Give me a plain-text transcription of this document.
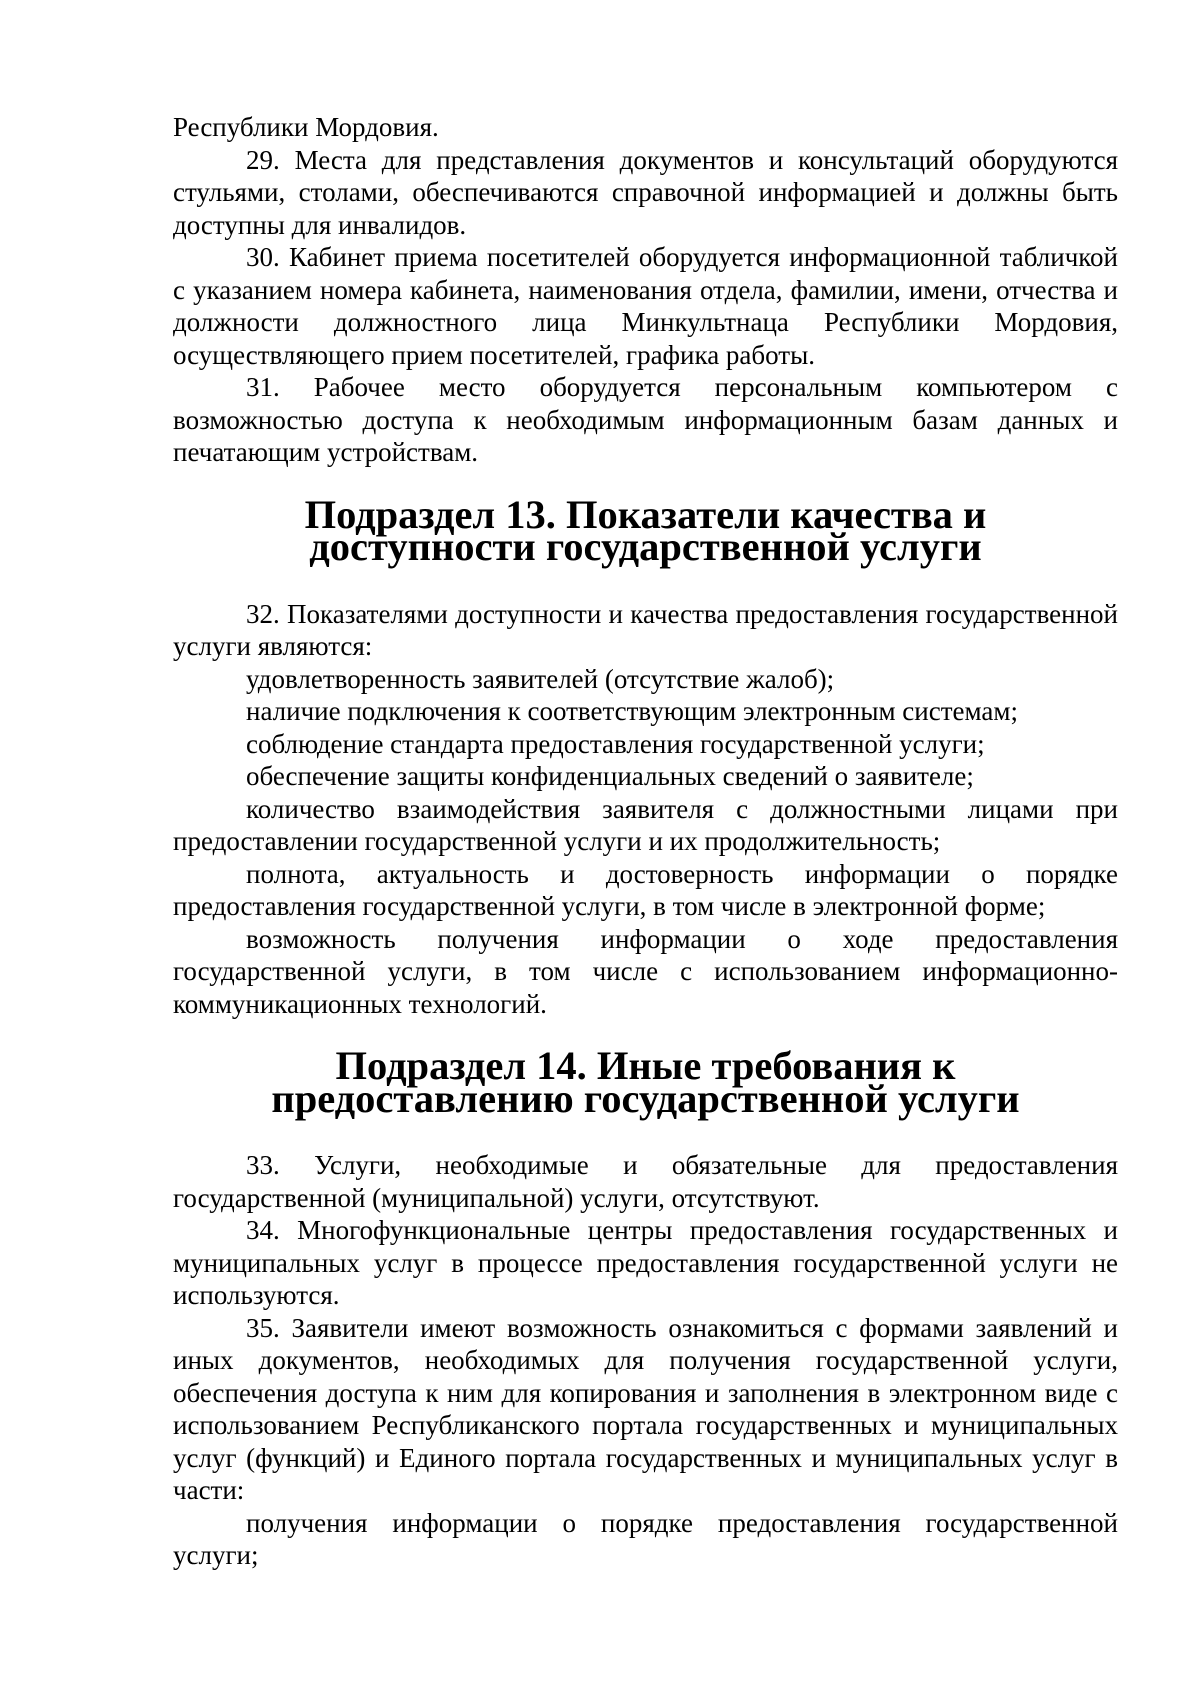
Республики Мордовия.

29. Места для представления документов и консультаций оборудуются стульями, столами, обеспечиваются справочной информацией и должны быть доступны для инвалидов.

30. Кабинет приема посетителей оборудуется информационной табличкой с указанием номера кабинета, наименования отдела, фамилии, имени, отчества и должности должностного лица Минкультнаца Республики Мордовия, осуществляющего прием посетителей, графика работы.

31. Рабочее место оборудуется персональным компьютером с возможностью доступа к необходимым информационным базам данных и печатающим устройствам.

Подраздел 13. Показатели качества и доступности государственной услуги

32. Показателями доступности и качества предоставления государственной услуги являются:

удовлетворенность заявителей (отсутствие жалоб);

наличие подключения к соответствующим электронным системам;

соблюдение стандарта предоставления государственной услуги;

обеспечение защиты конфиденциальных сведений о заявителе;

количество взаимодействия заявителя с должностными лицами при предоставлении государственной услуги и их продолжительность;

полнота, актуальность и достоверность информации о порядке предоставления государственной услуги, в том числе в электронной форме;

возможность получения информации о ходе предоставления государственной услуги, в том числе с использованием информационно-коммуникационных технологий.

Подраздел 14. Иные требования к предоставлению государственной услуги

33. Услуги, необходимые и обязательные для предоставления государственной (муниципальной) услуги, отсутствуют.

34. Многофункциональные центры предоставления государственных и муниципальных услуг в процессе предоставления государственной услуги не используются.

35. Заявители имеют возможность ознакомиться с формами заявлений и иных документов, необходимых для получения государственной услуги, обеспечения доступа к ним для копирования и заполнения в электронном виде с использованием Республиканского портала государственных и муниципальных услуг (функций) и Единого портала государственных и муниципальных услуг в части:

получения информации о порядке предоставления государственной услуги;
